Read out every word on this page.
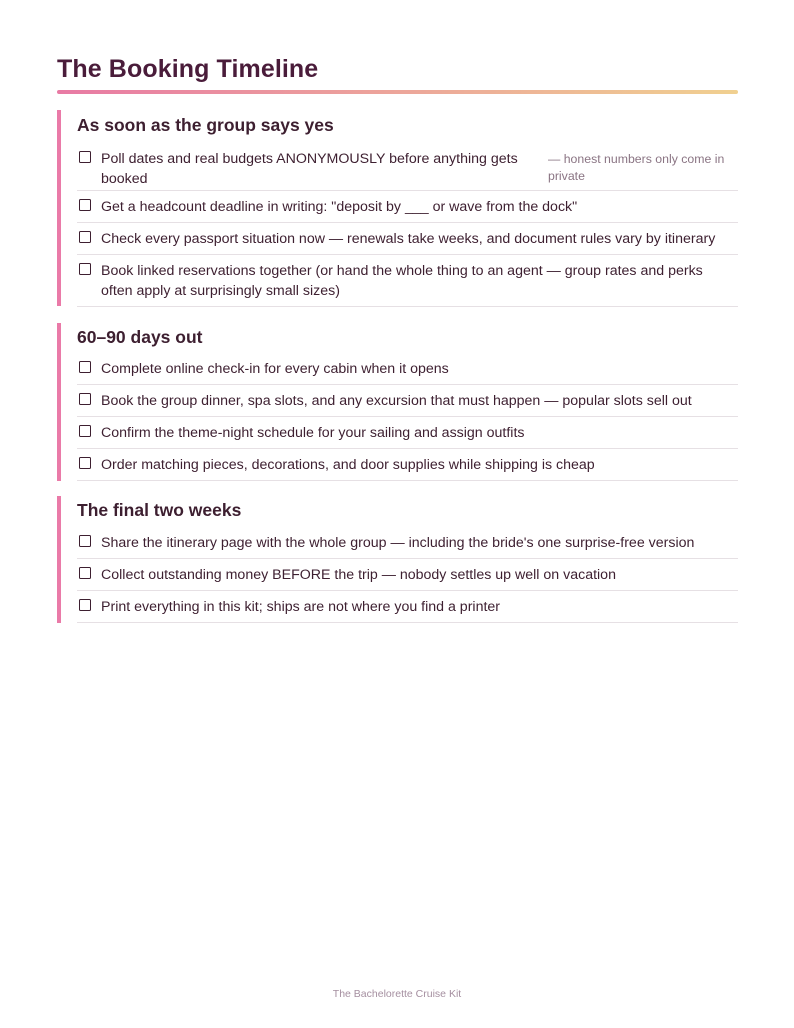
The Booking Timeline
As soon as the group says yes
Poll dates and real budgets ANONYMOUSLY before anything gets booked
— honest numbers only come in private
Get a headcount deadline in writing: "deposit by ___ or wave from the dock"
Check every passport situation now — renewals take weeks, and document rules vary by itinerary
Book linked reservations together (or hand the whole thing to an agent — group rates and perks often apply at surprisingly small sizes)
60–90 days out
Complete online check-in for every cabin when it opens
Book the group dinner, spa slots, and any excursion that must happen — popular slots sell out
Confirm the theme-night schedule for your sailing and assign outfits
Order matching pieces, decorations, and door supplies while shipping is cheap
The final two weeks
Share the itinerary page with the whole group — including the bride's one surprise-free version
Collect outstanding money BEFORE the trip — nobody settles up well on vacation
Print everything in this kit; ships are not where you find a printer
The Bachelorette Cruise Kit
